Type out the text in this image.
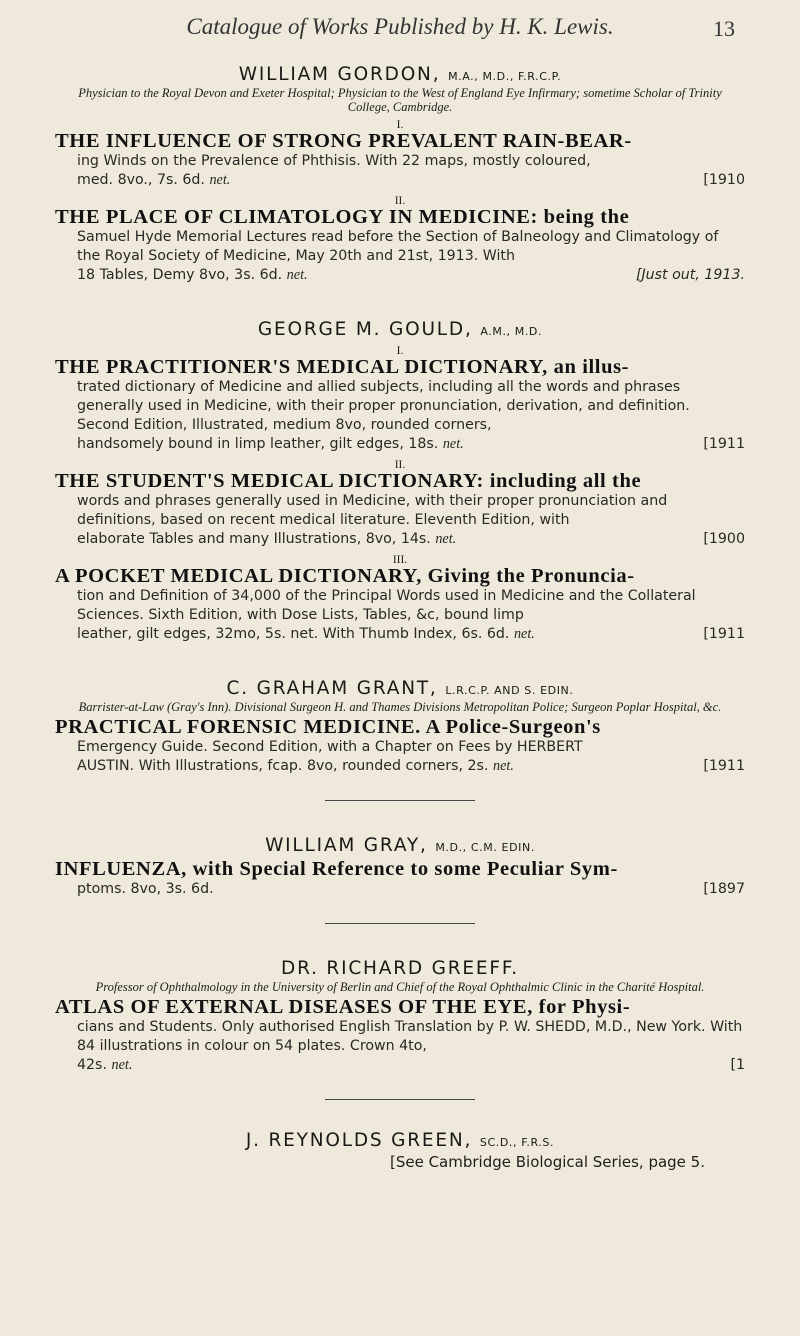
Catalogue of Works Published by H. K. Lewis.	13
WILLIAM GORDON, M.A., M.D., F.R.C.P.
Physician to the Royal Devon and Exeter Hospital; Physician to the West of England Eye Infirmary; sometime Scholar of Trinity College, Cambridge.
I.
THE INFLUENCE OF STRONG PREVALENT RAIN-BEAR-
ing Winds on the Prevalence of Phthisis. With 22 maps, mostly coloured,
med. 8vo., 7s. 6d. net.	[1910
II.
THE PLACE OF CLIMATOLOGY IN MEDICINE: being the
Samuel Hyde Memorial Lectures read before the Section of Balneology and Climatology of the Royal Society of Medicine, May 20th and 21st, 1913. With
18 Tables, Demy 8vo, 3s. 6d. net.	[Just out, 1913.
GEORGE M. GOULD, A.M., M.D.
I.
THE PRACTITIONER'S MEDICAL DICTIONARY, an illus-
trated dictionary of Medicine and allied subjects, including all the words and phrases generally used in Medicine, with their proper pronunciation, derivation, and definition. Second Edition, Illustrated, medium 8vo, rounded corners,
handsomely bound in limp leather, gilt edges, 18s. net.	[1911
II.
THE STUDENT'S MEDICAL DICTIONARY: including all the
words and phrases generally used in Medicine, with their proper pronunciation and definitions, based on recent medical literature. Eleventh Edition, with
elaborate Tables and many Illustrations, 8vo, 14s. net.	[1900
III.
A POCKET MEDICAL DICTIONARY, Giving the Pronuncia-
tion and Definition of 34,000 of the Principal Words used in Medicine and the Collateral Sciences. Sixth Edition, with Dose Lists, Tables, &c, bound limp
leather, gilt edges, 32mo, 5s. net. With Thumb Index, 6s. 6d. net.	[1911
C. GRAHAM GRANT, L.R.C.P. AND S. EDIN.
Barrister-at-Law (Gray's Inn). Divisional Surgeon H. and Thames Divisions Metropolitan Police; Surgeon Poplar Hospital, &c.
PRACTICAL FORENSIC MEDICINE. A Police-Surgeon's
Emergency Guide. Second Edition, with a Chapter on Fees by HERBERT
AUSTIN. With Illustrations, fcap. 8vo, rounded corners, 2s. net.	[1911
WILLIAM GRAY, M.D., C.M. EDIN.
INFLUENZA, with Special Reference to some Peculiar Sym-
ptoms. 8vo, 3s. 6d.	[1897
DR. RICHARD GREEFF.
Professor of Ophthalmology in the University of Berlin and Chief of the Royal Ophthalmic Clinic in the Charité Hospital.
ATLAS OF EXTERNAL DISEASES OF THE EYE, for Physi-
cians and Students. Only authorised English Translation by P. W. SHEDD, M.D., New York. With 84 illustrations in colour on 54 plates. Crown 4to,
42s. net.	[1
J. REYNOLDS GREEN, SC.D., F.R.S.
[See Cambridge Biological Series, page 5.
